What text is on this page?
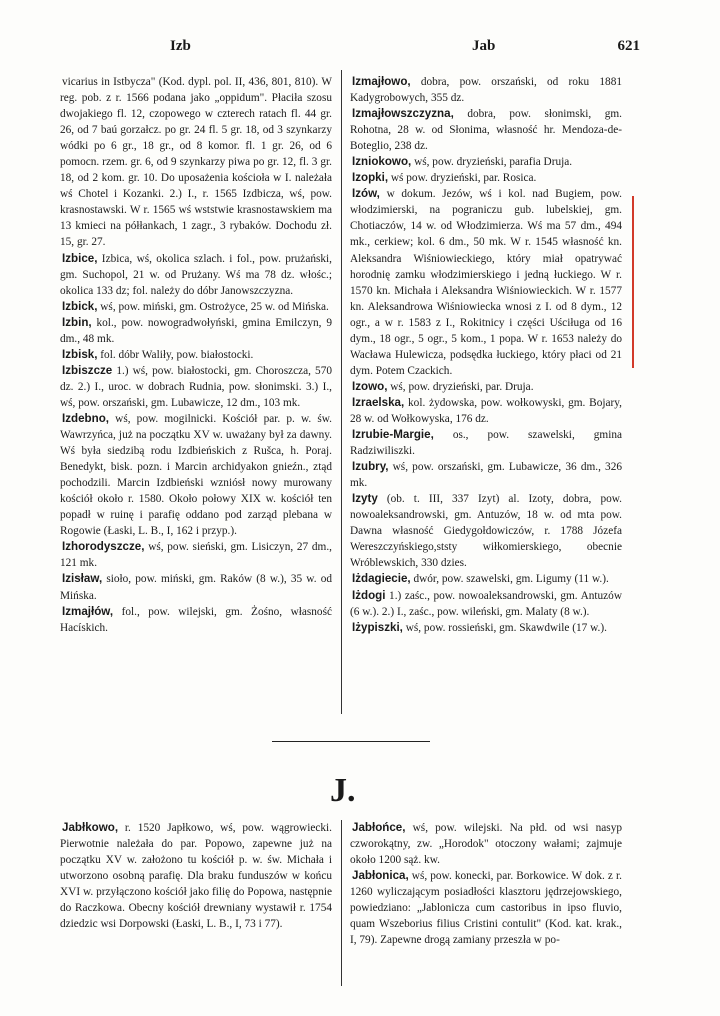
Izb	Jab	621

vicarius in Istbycza" (Kod. dypl. pol. II, 436, 801, 810). W reg. pob. z r. 1566 podana jako „oppidum". Płaciła szosu dwojakiego fl. 12, czopowego w czterech ratach fl. 44 gr. 26, od 7 baú gorzałcz. po gr. 24 fl. 5 gr. 18, od 3 szynkarzy wódki po 6 gr., 18 gr., od 8 komor. fl. 1 gr. 26, od 6 pomocn. rzem. gr. 6, od 9 szynkarzy piwa po gr. 12, fl. 3 gr. 18, od 2 kom. gr. 10. Do uposażenia kościoła w I. należała wś Chotel i Kozanki. 2.) I., r. 1565 Izdbicza, wś, pow. krasnostawski. W r. 1565 wś wststwie krasnostawskiem ma 13 kmieci na półłankach, 1 zagr., 3 rybaków. Dochodu zł. 15, gr. 27.

Izbice, Izbica, wś, okolica szlach. i fol., pow. prużański, gm. Suchopol, 21 w. od Prużany. Wś ma 78 dz. włośc.; okolica 133 dz; fol. należy do dóbr Janowszczyzna.

Izbick, wś, pow. miński, gm. Ostrożyce, 25 w. od Mińska.

Izbin, kol., pow. nowogradwołyński, gmina Emilczyn, 9 dm., 48 mk.

Izbisk, fol. dóbr Waliły, pow. białostocki.

Izbiszcze 1.) wś, pow. białostocki, gm. Choroszcza, 570 dz. 2.) I., uroc. w dobrach Rudnia, pow. słonimski. 3.) I., wś, pow. orszański, gm. Lubawicze, 12 dm., 103 mk.

Izdebno, wś, pow. mogilnicki. Kościół par. p. w. św. Wawrzyńca, już na początku XV w. uważany był za dawny. Wś była siedzibą rodu Izdbieńskich z Rušca, h. Poraj. Benedykt, bisk. pozn. i Marcin archidyakon gnieźn., ztąd pochodzili. Marcin Izdbieński wzniósł nowy murowany kościół około r. 1580. Około połowy XIX w. kościół ten popadł w ruinę i parafię oddano pod zarząd plebana w Rogowie (Łaski, L. B., I, 162 i przyp.).

Izhorodyszcze, wś, pow. sieński, gm. Lisiczyn, 27 dm., 121 mk.

Izisław, sioło, pow. miński, gm. Raków (8 w.), 35 w. od Mińska.

Izmajłów, fol., pow. wilejski, gm. Żośno, własność Hacískich.

Izmajłowo, dobra, pow. orszański, od roku 1881 Kadygrobowych, 355 dz.

Izmajłowszczyzna, dobra, pow. słonimski, gm. Rohotna, 28 w. od Słonima, własność hr. Mendoza-de-Boteglio, 238 dz.

Izniokowo, wś, pow. dryzieński, parafia Druja.

Izopki, wś pow. dryzieński, par. Rosica.

Izów, w dokum. Jezów, wś i kol. nad Bugiem, pow. włodzimierski, na pograniczu gub. lubelskiej, gm. Chotiaczów, 14 w. od Włodzimierza. Wś ma 57 dm., 494 mk., cerkiew; kol. 6 dm., 50 mk. W r. 1545 własność kn. Aleksandra Wiśniowieckiego, który miał opatrywać horodnię zamku włodzimierskiego i jedną łuckiego. W r. 1570 kn. Michała i Aleksandra Wiśniowieckich. W r. 1577 kn. Aleksandrowa Wiśniowiecka wnosi z I. od 8 dym., 12 ogr., a w r. 1583 z I., Rokitnicy i części Uściługa od 16 dym., 18 ogr., 5 ogr., 5 kom., 1 popa. W r. 1653 należy do Wacława Hulewicza, podsędka łuckiego, który płaci od 21 dym. Potem Czackich.

Izowo, wś, pow. dryzieński, par. Druja.

Izraelska, kol. żydowska, pow. wołkowyski, gm. Bojary, 28 w. od Wołkowyska, 176 dz.

Izrubie-Margie, os., pow. szawelski, gmina Radziwiliszki.

Izubry, wś, pow. orszański, gm. Lubawicze, 36 dm., 326 mk.

Izyty (ob. t. III, 337 Izyt) al. Izoty, dobra, pow. nowoaleksandrowski, gm. Antuzów, 18 w. od mta pow. Dawna własność Giedygołdowiczów, r. 1788 Józefa Wereszczyńskiego,ststy wiłkomierskiego, obecnie Wróblewskich, 330 dzies.

Iżdagiecie, dwór, pow. szawelski, gm. Ligumy (11 w.).

Iżdogi 1.) zaśc., pow. nowoaleksandrowski, gm. Antuzów (6 w.). 2.) I., zaśc., pow. wileński, gm. Malaty (8 w.).

Iżypiszki, wś, pow. rossieński, gm. Skawdwile (17 w.).

J.

Jabłkowo, r. 1520 Japłkowo, wś, pow. wągrowiecki. Pierwotnie należała do par. Popowo, zapewne już na początku XV w. założono tu kościół p. w. św. Michała i utworzono osobną parafię. Dla braku funduszów w końcu XVI w. przyłączono kościół jako filię do Popowa, następnie do Raczkowa. Obecny kościół drewniany wystawił r. 1754 dziedzic wsi Dorpowski (Łaski, L. B., I, 73 i 77).

Jabłońce, wś, pow. wilejski. Na płd. od wsi nasyp czworokątny, zw. „Horodok" otoczony wałami; zajmuje około 1200 sąż. kw.

Jabłonica, wś, pow. konecki, par. Borkowice. W dok. z r. 1260 wyliczającym posiadłości klasztoru jędrzejowskiego, powiedziano: „Jablonicza cum castoribus in ipso fluvio, quam Wszeborius filius Cristini contulit" (Kod. kat. krak., I, 79). Zapewne drogą zamiany przeszła w po-
